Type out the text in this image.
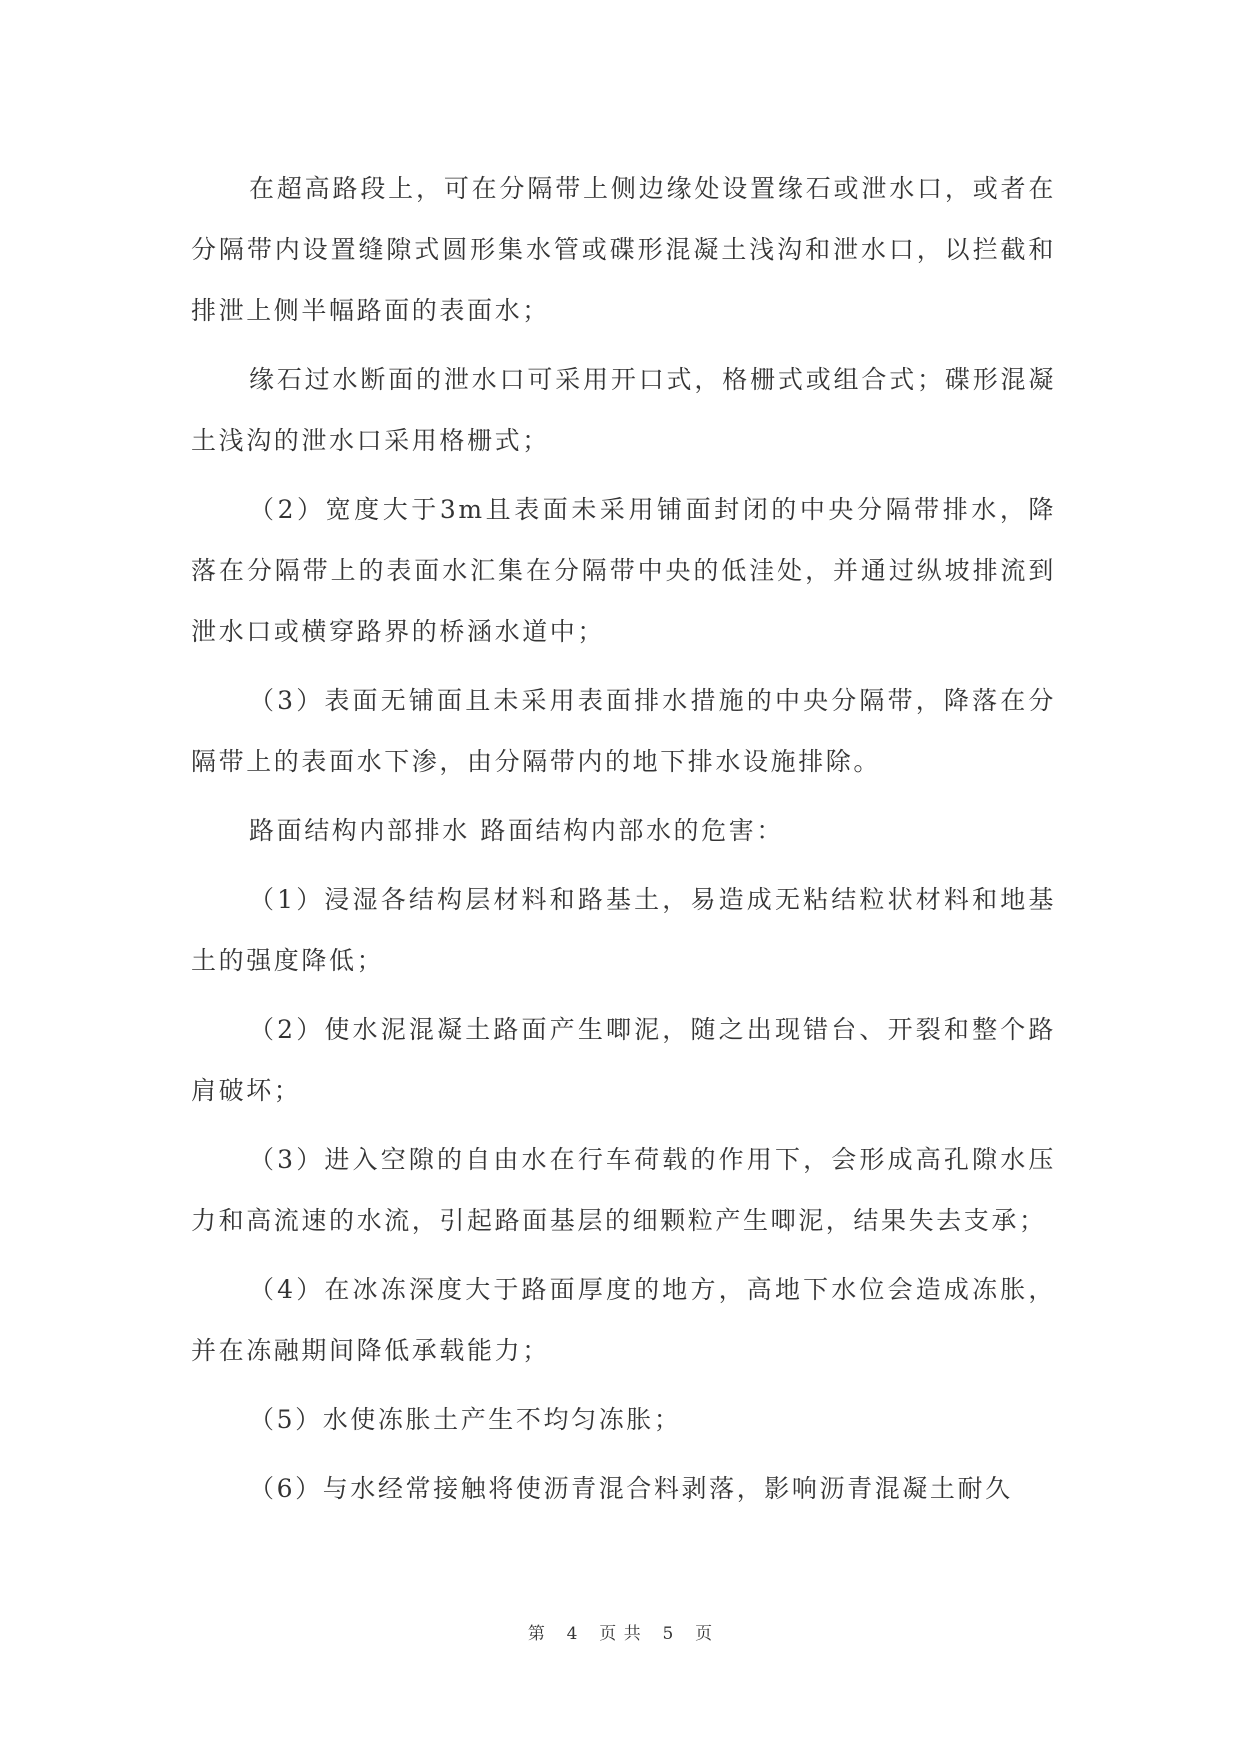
在超高路段上，可在分隔带上侧边缘处设置缘石或泄水口，或者在分隔带内设置缝隙式圆形集水管或碟形混凝土浅沟和泄水口，以拦截和排泄上侧半幅路面的表面水；

缘石过水断面的泄水口可采用开口式，格栅式或组合式；碟形混凝土浅沟的泄水口采用格栅式；

（2）宽度大于3m且表面未采用铺面封闭的中央分隔带排水，降落在分隔带上的表面水汇集在分隔带中央的低洼处，并通过纵坡排流到泄水口或横穿路界的桥涵水道中；

（3）表面无铺面且未采用表面排水措施的中央分隔带，降落在分隔带上的表面水下渗，由分隔带内的地下排水设施排除。

路面结构内部排水 路面结构内部水的危害：

（1）浸湿各结构层材料和路基土，易造成无粘结粒状材料和地基土的强度降低；

（2）使水泥混凝土路面产生唧泥，随之出现错台、开裂和整个路肩破坏；

（3）进入空隙的自由水在行车荷载的作用下，会形成高孔隙水压力和高流速的水流，引起路面基层的细颗粒产生唧泥，结果失去支承；

（4）在冰冻深度大于路面厚度的地方，高地下水位会造成冻胀，并在冻融期间降低承载能力；

（5）水使冻胀土产生不均匀冻胀；

（6）与水经常接触将使沥青混合料剥落，影响沥青混凝土耐久

第 4 页 共 5 页
